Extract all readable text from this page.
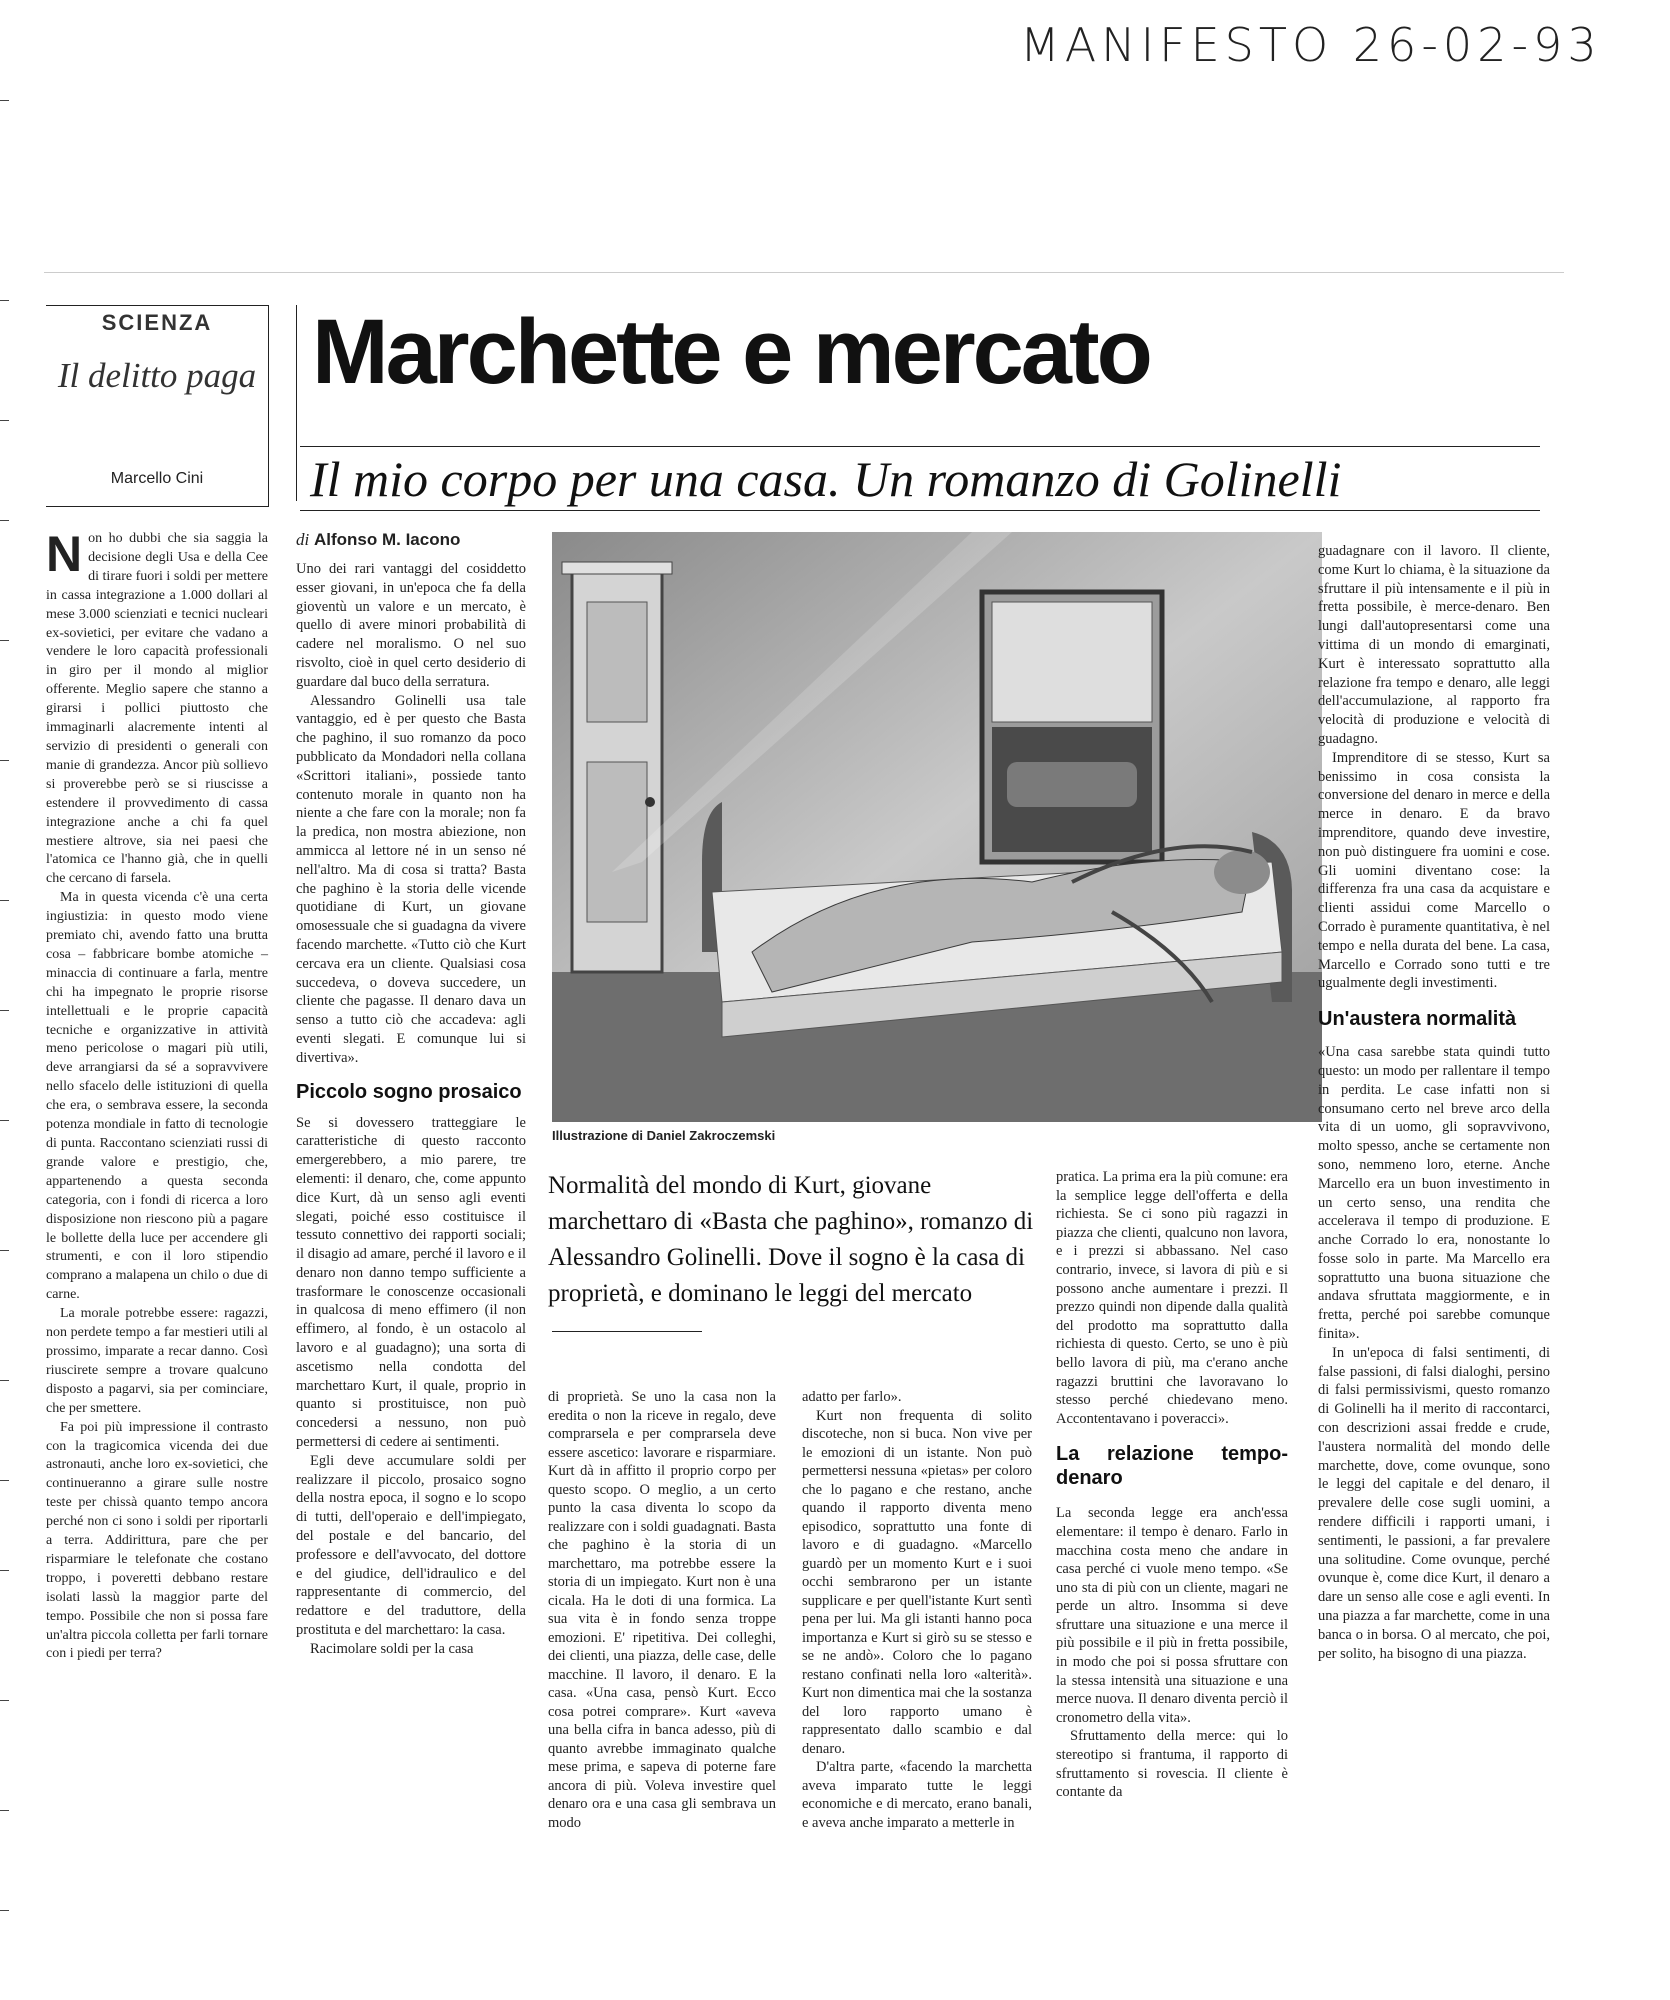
MANIFESTO 26-02-93
SCIENZA
Il delitto paga
Marcello Cini
Marchette e mercato
Il mio corpo per una casa. Un romanzo di Golinelli

Non ho dubbi che sia saggia la decisione degli Usa e della Cee di tirare fuori i soldi per mettere in cassa integrazione a 1.000 dollari al mese 3.000 scienziati e tecnici nucleari ex-sovietici, per evitare che vadano a vendere le loro capacità professionali in giro per il mondo al miglior offerente. Meglio sapere che stanno a girarsi i pollici piuttosto che immaginarli alacremente intenti al servizio di presidenti o generali con manie di grandezza. Ancor più sollievo si proverebbe però se si riuscisse a estendere il provvedimento di cassa integrazione anche a chi fa quel mestiere altrove, sia nei paesi che l'atomica ce l'hanno già, che in quelli che cercano di farsela.

Ma in questa vicenda c'è una certa ingiustizia: in questo modo viene premiato chi, avendo fatto una brutta cosa – fabbricare bombe atomiche – minaccia di continuare a farla, mentre chi ha impegnato le proprie risorse intellettuali e le proprie capacità tecniche e organizzative in attività meno pericolose o magari più utili, deve arrangiarsi da sé a sopravvivere nello sfacelo delle istituzioni di quella che era, o sembrava essere, la seconda potenza mondiale in fatto di tecnologie di punta. Raccontano scienziati russi di grande valore e prestigio, che, appartenendo a questa seconda categoria, con i fondi di ricerca a loro disposizione non riescono più a pagare le bollette della luce per accendere gli strumenti, e con il loro stipendio comprano a malapena un chilo o due di carne.

La morale potrebbe essere: ragazzi, non perdete tempo a far mestieri utili al prossimo, imparate a recar danno. Così riuscirete sempre a trovare qualcuno disposto a pagarvi, sia per cominciare, che per smettere.

Fa poi più impressione il contrasto con la tragicomica vicenda dei due astronauti, anche loro ex-sovietici, che continueranno a girare sulle nostre teste per chissà quanto tempo ancora perché non ci sono i soldi per riportarli a terra. Addirittura, pare che per risparmiare le telefonate che costano troppo, i poveretti debbano restare isolati lassù la maggior parte del tempo. Possibile che non si possa fare un'altra piccola colletta per farli tornare con i piedi per terra?

di Alfonso M. Iacono

Uno dei rari vantaggi del cosiddetto esser giovani, in un'epoca che fa della gioventù un valore e un mercato, è quello di avere minori probabilità di cadere nel moralismo. O nel suo risvolto, cioè in quel certo desiderio di guardare dal buco della serratura.

Alessandro Golinelli usa tale vantaggio, ed è per questo che Basta che paghino, il suo romanzo da poco pubblicato da Mondadori nella collana «Scrittori italiani», possiede tanto contenuto morale in quanto non ha niente a che fare con la morale; non fa la predica, non mostra abiezione, non ammicca al lettore né in un senso né nell'altro. Ma di cosa si tratta? Basta che paghino è la storia delle vicende quotidiane di Kurt, un giovane omosessuale che si guadagna da vivere facendo marchette. «Tutto ciò che Kurt cercava era un cliente. Qualsiasi cosa succedeva, o doveva succedere, un cliente che pagasse. Il denaro dava un senso a tutto ciò che accadeva: agli eventi slegati. E comunque lui si divertiva».

Piccolo sogno prosaico

Se si dovessero tratteggiare le caratteristiche di questo racconto emergerebbero, a mio parere, tre elementi: il denaro, che, come appunto dice Kurt, dà un senso agli eventi slegati, poiché esso costituisce il tessuto connettivo dei rapporti sociali; il disagio ad amare, perché il lavoro e il denaro non danno tempo sufficiente a trasformare le conoscenze occasionali in qualcosa di meno effimero (il non effimero, al fondo, è un ostacolo al lavoro e al guadagno); una sorta di ascetismo nella condotta del marchettaro Kurt, il quale, proprio in quanto si prostituisce, non può concedersi a nessuno, non può permettersi di cedere ai sentimenti.

Egli deve accumulare soldi per realizzare il piccolo, prosaico sogno della nostra epoca, il sogno e lo scopo di tutti, dell'operaio e dell'impiegato, del postale e del bancario, del professore e dell'avvocato, del dottore e del giudice, dell'idraulico e del rappresentante di commercio, del redattore e del traduttore, della prostituta e del marchettaro: la casa.

Racimolare soldi per la casa

Illustrazione di Daniel Zakroczemski
Normalità del mondo di Kurt, giovane marchettaro di «Basta che paghino», romanzo di Alessandro Golinelli. Dove il sogno è la casa di proprietà, e dominano le leggi del mercato

di proprietà. Se uno la casa non la eredita o non la riceve in regalo, deve comprarsela e per comprarsela deve essere ascetico: lavorare e risparmiare. Kurt dà in affitto il proprio corpo per questo scopo. O meglio, a un certo punto la casa diventa lo scopo da realizzare con i soldi guadagnati. Basta che paghino è la storia di un marchettaro, ma potrebbe essere la storia di un impiegato. Kurt non è una cicala. Ha le doti di una formica. La sua vita è in fondo senza troppe emozioni. E' ripetitiva. Dei colleghi, dei clienti, una piazza, delle case, delle macchine. Il lavoro, il denaro. E la casa. «Una casa, pensò Kurt. Ecco cosa potrei comprare». Kurt «aveva una bella cifra in banca adesso, più di quanto avrebbe immaginato qualche mese prima, e sapeva di poterne fare ancora di più. Voleva investire quel denaro ora e una casa gli sembrava un modo

adatto per farlo».

Kurt non frequenta di solito discoteche, non si buca. Non vive per le emozioni di un istante. Non può permettersi nessuna «pietas» per coloro che lo pagano e che restano, anche quando il rapporto diventa meno episodico, soprattutto una fonte di lavoro e di guadagno. «Marcello guardò per un momento Kurt e i suoi occhi sembrarono per un istante supplicare e per quell'istante Kurt sentì pena per lui. Ma gli istanti hanno poca importanza e Kurt si girò su se stesso e se ne andò». Coloro che lo pagano restano confinati nella loro «alterità». Kurt non dimentica mai che la sostanza del loro rapporto umano è rappresentato dallo scambio e dal denaro.

D'altra parte, «facendo la marchetta aveva imparato tutte le leggi economiche e di mercato, erano banali, e aveva anche imparato a metterle in

pratica. La prima era la più comune: era la semplice legge dell'offerta e della richiesta. Se ci sono più ragazzi in piazza che clienti, qualcuno non lavora, e i prezzi si abbassano. Nel caso contrario, invece, si lavora di più e si possono anche aumentare i prezzi. Il prezzo quindi non dipende dalla qualità del prodotto ma soprattutto dalla richiesta di questo. Certo, se uno è più bello lavora di più, ma c'erano anche ragazzi bruttini che lavoravano lo stesso perché chiedevano meno. Accontentavano i poveracci».

La relazione tempo-denaro

La seconda legge era anch'essa elementare: il tempo è denaro. Farlo in macchina costa meno che andare in casa perché ci vuole meno tempo. «Se uno sta di più con un cliente, magari ne perde un altro. Insomma si deve sfruttare una situazione e una merce il più possibile e il più in fretta possibile, in modo che poi si possa sfruttare con la stessa intensità una situazione e una merce nuova. Il denaro diventa perciò il cronometro della vita».

Sfruttamento della merce: qui lo stereotipo si frantuma, il rapporto di sfruttamento si rovescia. Il cliente è contante da

guadagnare con il lavoro. Il cliente, come Kurt lo chiama, è la situazione da sfruttare il più intensamente e il più in fretta possibile, è merce-denaro. Ben lungi dall'autopresentarsi come una vittima di un mondo di emarginati, Kurt è interessato soprattutto alla relazione fra tempo e denaro, alle leggi dell'accumulazione, al rapporto fra velocità di produzione e velocità di guadagno.

Imprenditore di se stesso, Kurt sa benissimo in cosa consista la conversione del denaro in merce e della merce in denaro. E da bravo imprenditore, quando deve investire, non può distinguere fra uomini e cose. Gli uomini diventano cose: la differenza fra una casa da acquistare e clienti assidui come Marcello o Corrado è puramente quantitativa, è nel tempo e nella durata del bene. La casa, Marcello e Corrado sono tutti e tre ugualmente degli investimenti.

Un'austera normalità

«Una casa sarebbe stata quindi tutto questo: un modo per rallentare il tempo in perdita. Le case infatti non si consumano certo nel breve arco della vita di un uomo, gli sopravvivono, molto spesso, anche se certamente non sono, nemmeno loro, eterne. Anche Marcello era un buon investimento in un certo senso, una rendita che accelerava il tempo di produzione. E anche Corrado lo era, nonostante lo fosse solo in parte. Ma Marcello era soprattutto una buona situazione che andava sfruttata maggiormente, e in fretta, perché poi sarebbe comunque finita».

In un'epoca di falsi sentimenti, di false passioni, di falsi dialoghi, persino di falsi permissivismi, questo romanzo di Golinelli ha il merito di raccontarci, con descrizioni assai fredde e crude, l'austera normalità del mondo delle marchette, dove, come ovunque, sono le leggi del capitale e del denaro, il prevalere delle cose sugli uomini, a rendere difficili i rapporti umani, i sentimenti, le passioni, a far prevalere una solitudine. Come ovunque, perché ovunque è, come dice Kurt, il denaro a dare un senso alle cose e agli eventi. In una piazza a far marchette, come in una banca o in borsa. O al mercato, che poi, per solito, ha bisogno di una piazza.
